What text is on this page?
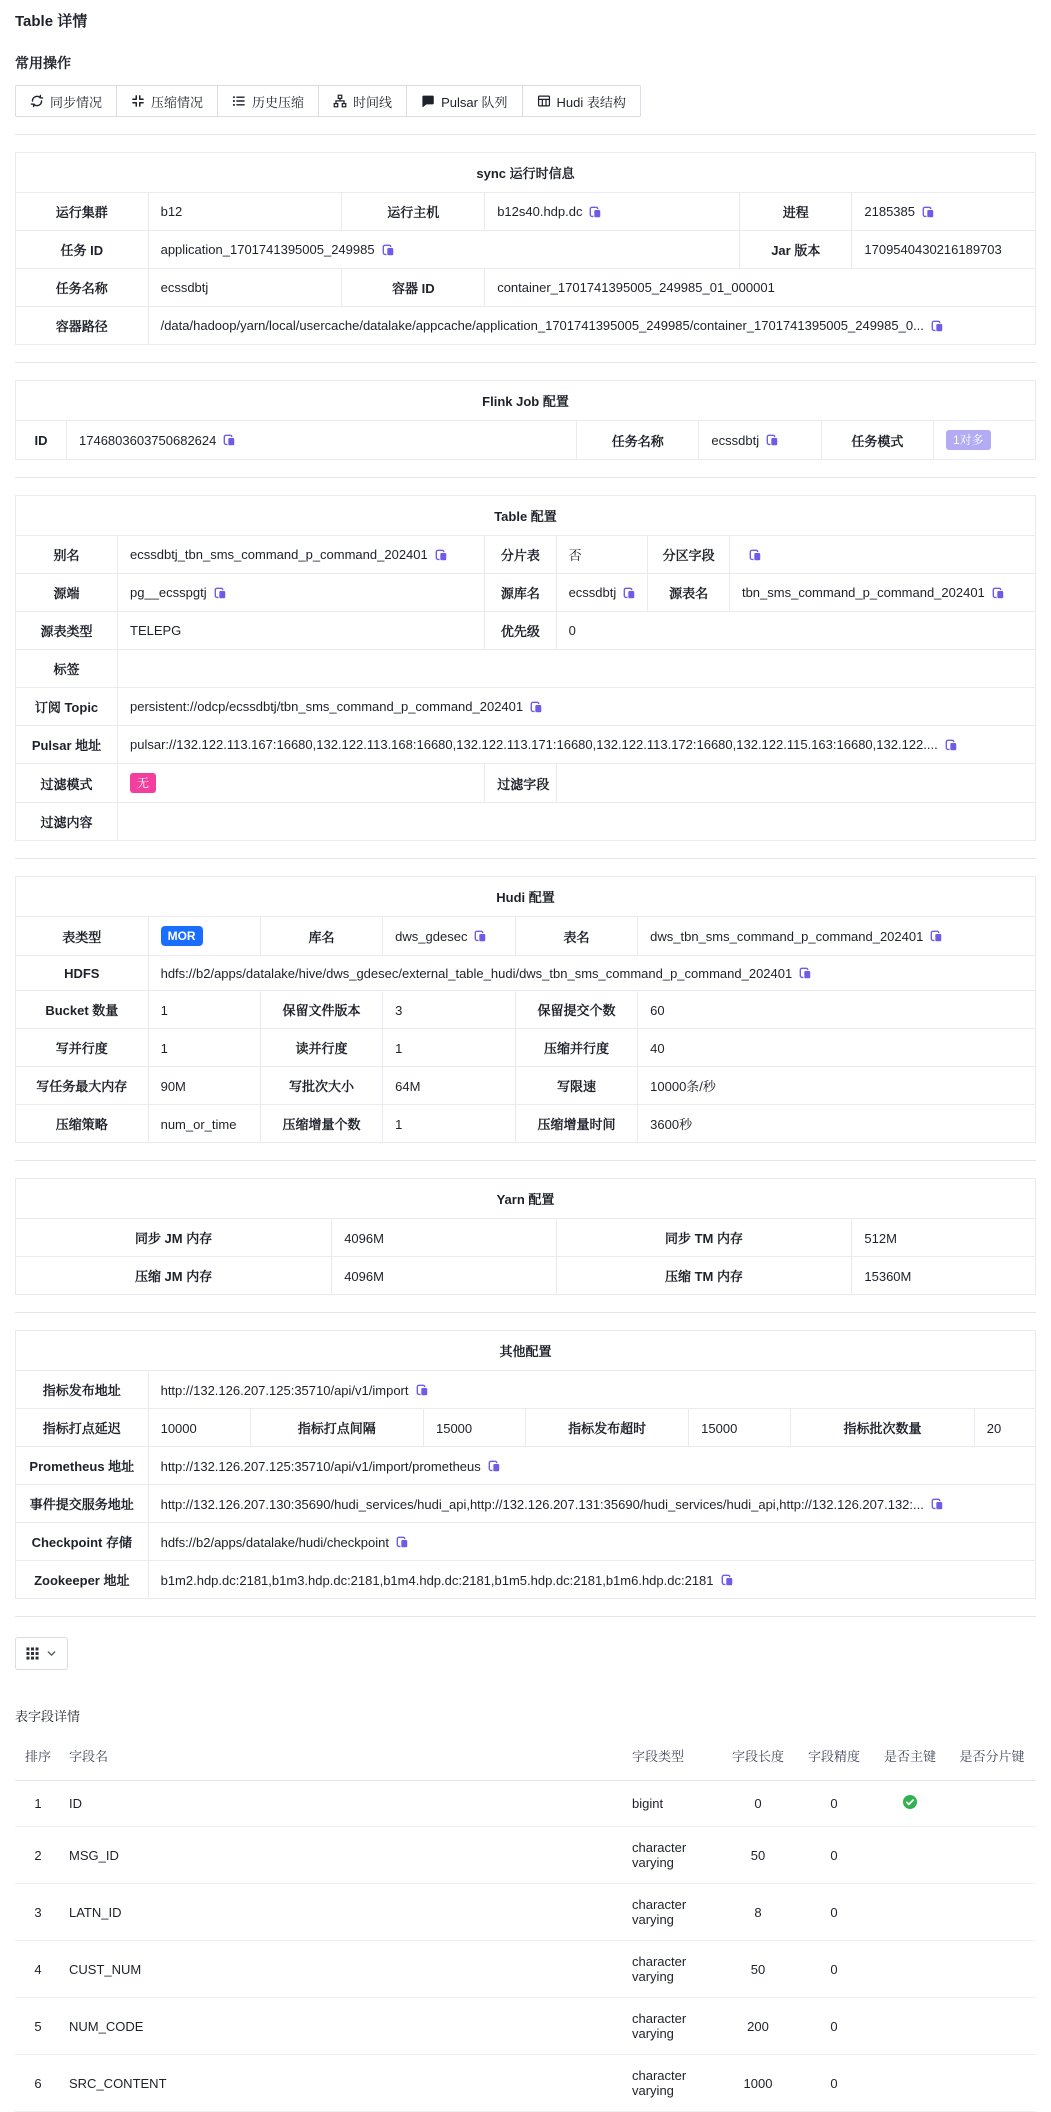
Table 详情
常用操作
同步情况	压缩情况	历史压缩	时间线	Pulsar 队列	Hudi 表结构
sync 运行时信息					
运行集群	b12	运行主机	b12s40.hdp.dc	进程	2185385

任务 ID	application_1701741395005_249985			Jar 版本	1709540430216189703
任务名称	ecssdbtj	容器 ID	container_1701741395005_249985_01_000001		
容器路径	/data/hadoop/yarn/local/usercache/datalake/appcache/application_1701741395005_249985/container_1701741395005_249985_0...				
Flink Job 配置
ID	1746803603750682624	任务名称	ecssdbtj	任务模式	1对多
Table 配置					
别名	ecssdbtj_tbn_sms_command_p_command_202401	分片表	否	分区字段	

源端	pg__ecsspgtj	源库名	ecssdbtj	源表名	tbn_sms_command_p_command_202401

源表类型	TELEPG	优先级	0		
标签					
订阅 Topic	persistent://odcp/ecssdbtj/tbn_sms_command_p_command_202401				

Pulsar 地址	pulsar://132.122.113.167:16680,132.122.113.168:16680,132.122.113.171:16680,132.122.113.172:16680,132.122.115.163:16680,132.122....				

过滤模式	无	过滤字段			
过滤内容					
Hudi 配置					
表类型	MOR	库名	dws_gdesec	表名	dws_tbn_sms_command_p_command_202401

HDFS	hdfs://b2/apps/datalake/hive/dws_gdesec/external_table_hudi/dws_tbn_sms_command_p_command_202401				

Bucket 数量	1	保留文件版本	3	保留提交个数	60
写并行度	1	读并行度	1	压缩并行度	40
写任务最大内存	90M	写批次大小	64M	写限速	10000条/秒
压缩策略	num_or_time	压缩增量个数	1	压缩增量时间	3600秒
Yarn 配置			
同步 JM 内存	4096M	同步 TM 内存	512M
压缩 JM 内存	4096M	压缩 TM 内存	15360M
其他配置							
指标发布地址	http://132.126.207.125:35710/api/v1/import						

指标打点延迟	10000	指标打点间隔	15000	指标发布超时	15000	指标批次数量	20
Prometheus 地址	http://132.126.207.125:35710/api/v1/import/prometheus						

事件提交服务地址	http://132.126.207.130:35690/hudi_services/hudi_api,http://132.126.207.131:35690/hudi_services/hudi_api,http://132.126.207.132:...						

Checkpoint 存储	hdfs://b2/apps/datalake/hudi/checkpoint						

Zookeeper 地址	b1m2.hdp.dc:2181,b1m3.hdp.dc:2181,b1m4.hdp.dc:2181,b1m5.hdp.dc:2181,b1m6.hdp.dc:2181						
表字段详情
排序	字段名	字段类型	字段长度	字段精度	是否主键	是否分片键
1	ID	bigint	0	0	

2	MSG_ID	character varying	50	0		
3	LATN_ID	character varying	8	0		
4	CUST_NUM	character varying	50	0		
5	NUM_CODE	character varying	200	0		
6	SRC_CONTENT	character varying	1000	0		
